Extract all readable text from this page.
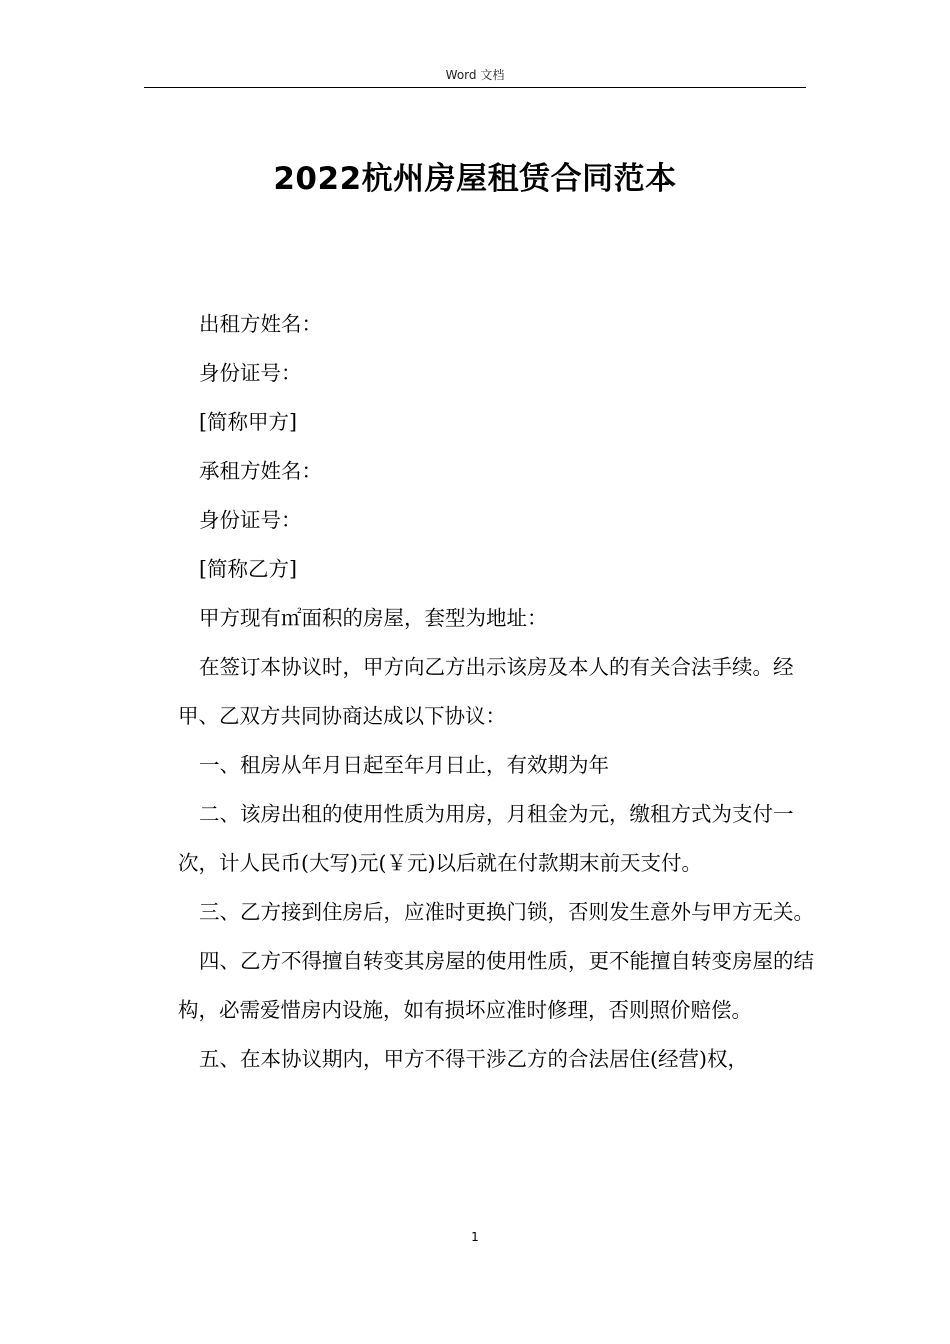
Word 文档
2022杭州房屋租赁合同范本

出租方姓名：

身份证号：

[简称甲方]

承租方姓名：

身份证号：

[简称乙方]

甲方现有㎡面积的房屋，套型为地址：

在签订本协议时，甲方向乙方出示该房及本人的有关合法手续。经甲、乙双方共同协商达成以下协议：

一、租房从年月日起至年月日止，有效期为年

二、该房出租的使用性质为用房，月租金为元，缴租方式为支付一次，计人民币(大写)元(￥元)以后就在付款期末前天支付。

三、乙方接到住房后，应准时更换门锁，否则发生意外与甲方无关。

四、乙方不得擅自转变其房屋的使用性质，更不能擅自转变房屋的结构，必需爱惜房内设施，如有损坏应准时修理，否则照价赔偿。

五、在本协议期内，甲方不得干涉乙方的合法居住(经营)权，

1
